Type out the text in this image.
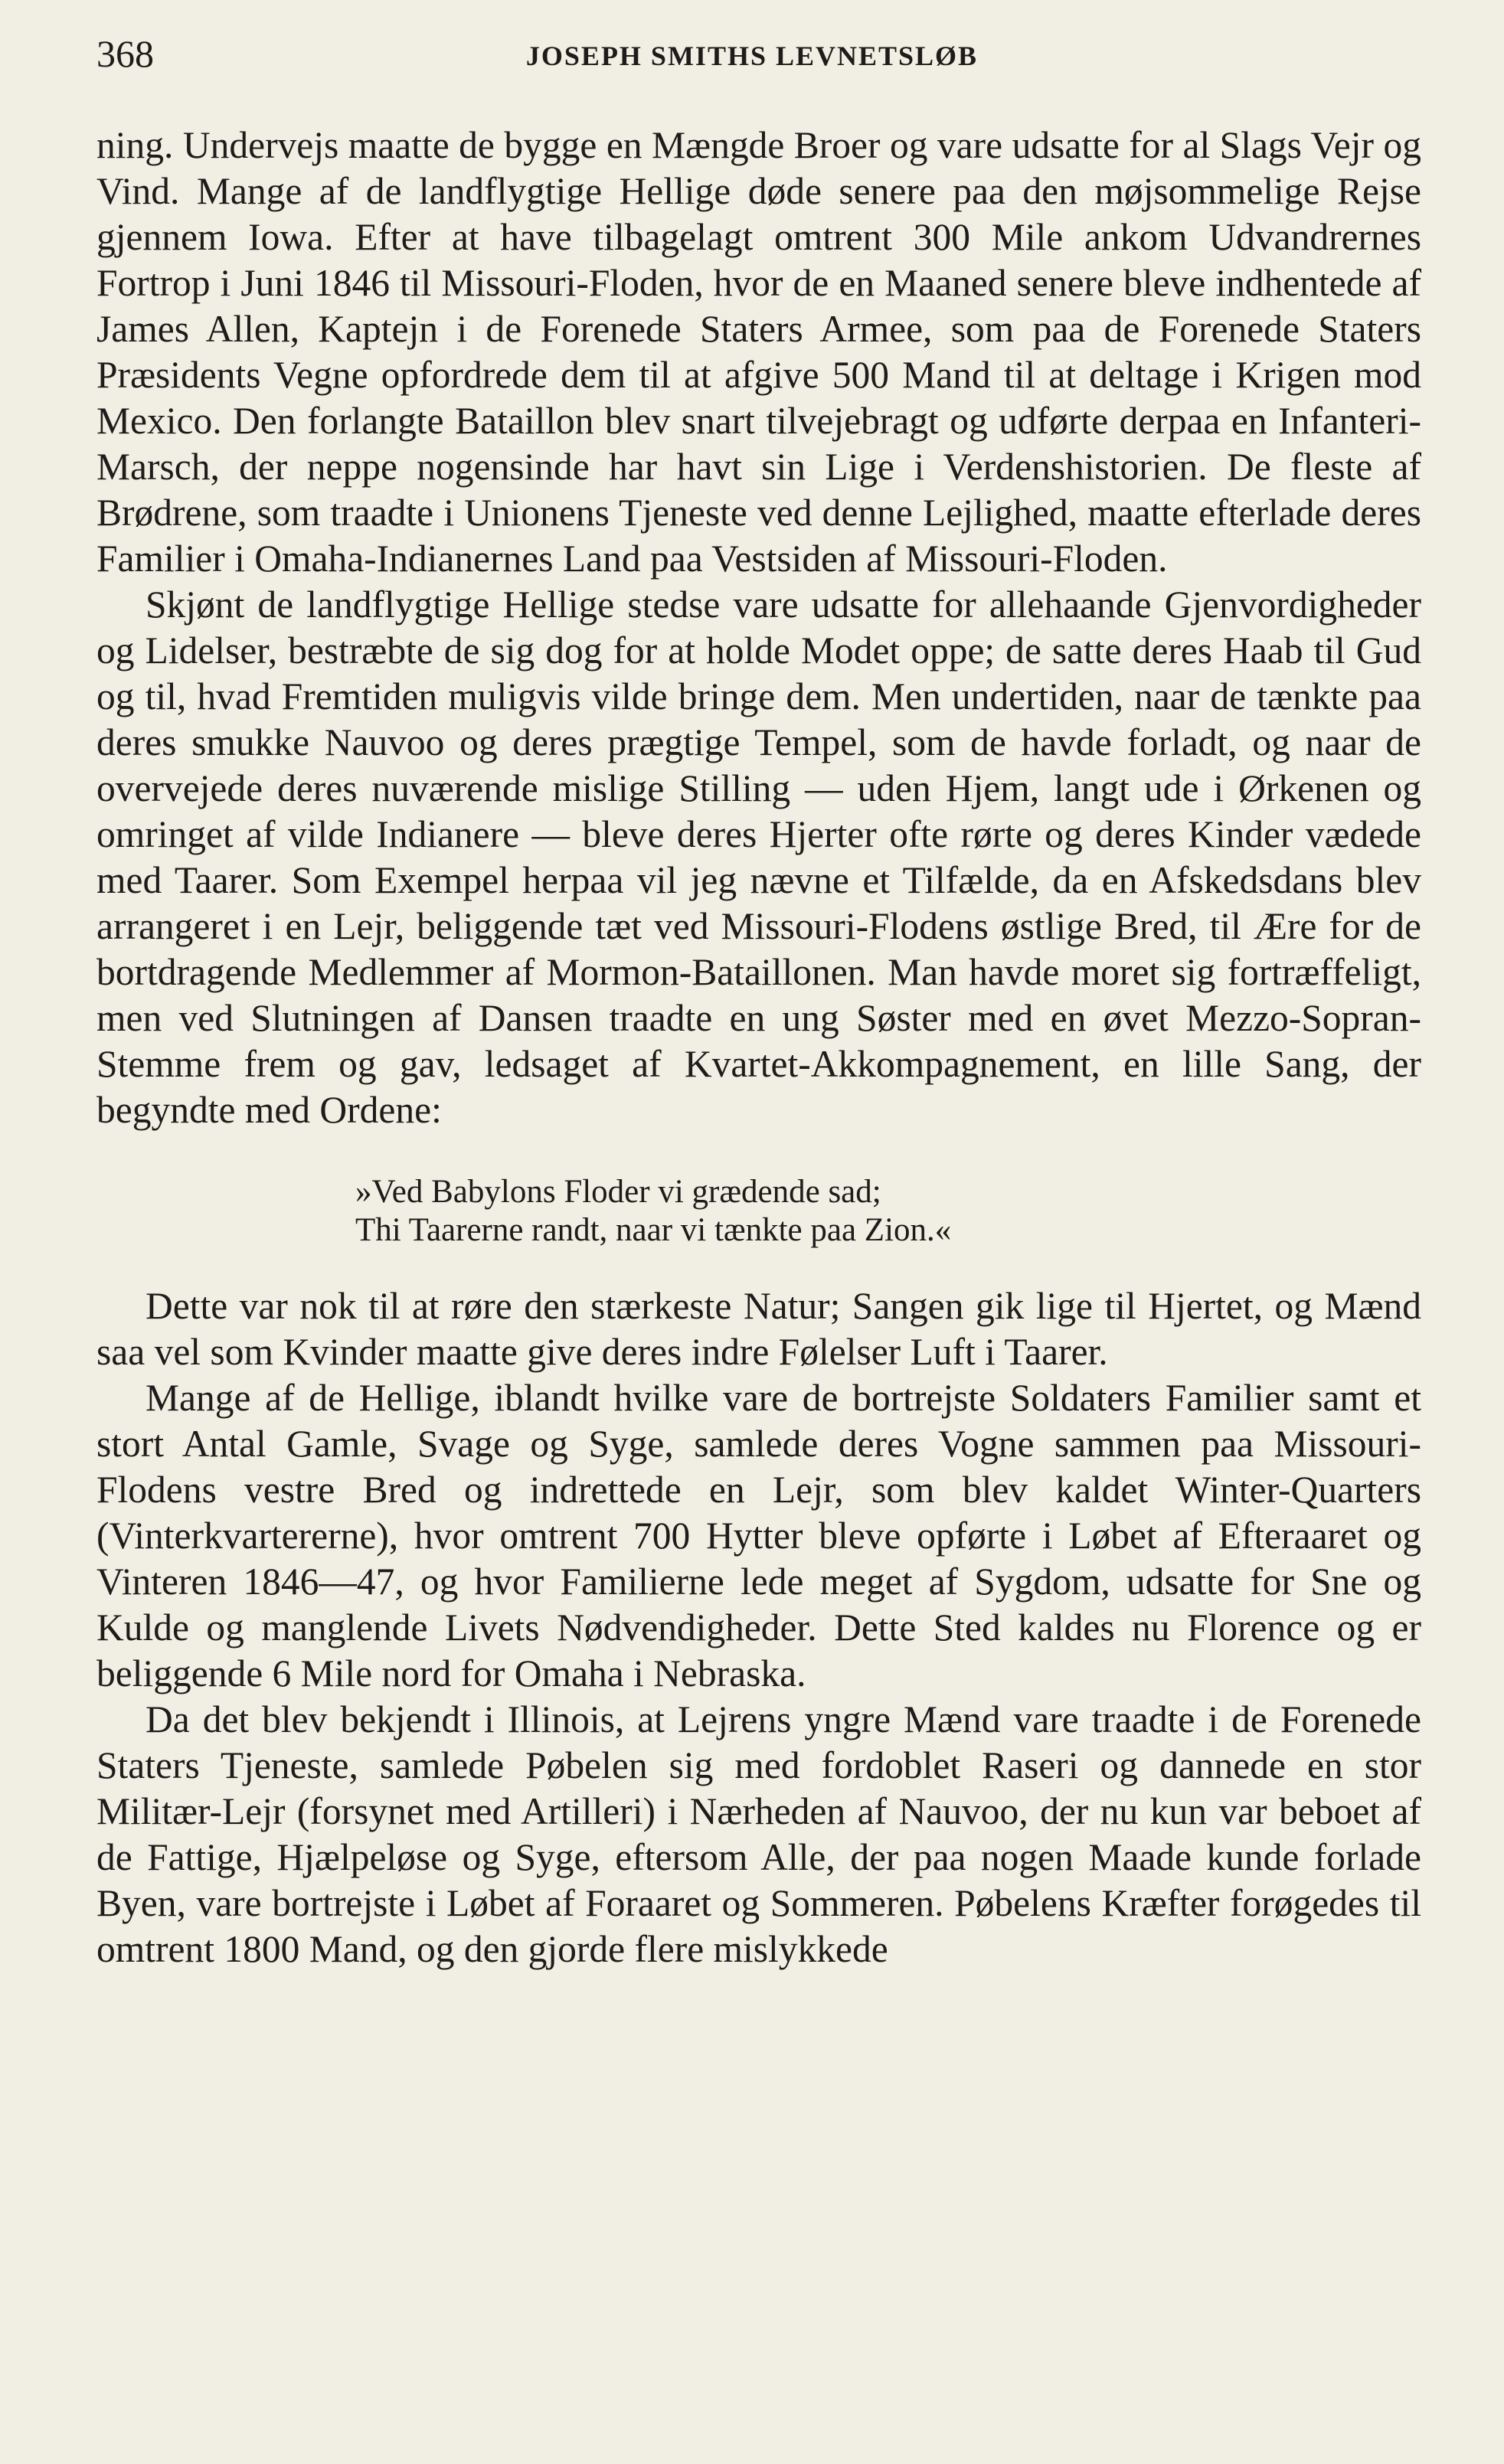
368	JOSEPH SMITHS LEVNETSLØB

ning. Undervejs maatte de bygge en Mængde Broer og vare udsatte for al Slags Vejr og Vind. Mange af de landflygtige Hellige døde senere paa den møjsommelige Rejse gjennem Iowa. Efter at have tilbagelagt omtrent 300 Mile ankom Udvandrernes Fortrop i Juni 1846 til Missouri-Floden, hvor de en Maaned senere bleve indhentede af James Allen, Kaptejn i de Forenede Staters Armee, som paa de Forenede Staters Præsidents Vegne opfordrede dem til at afgive 500 Mand til at deltage i Krigen mod Mexico. Den forlangte Bataillon blev snart tilvejebragt og udførte derpaa en Infanteri-Marsch, der neppe nogensinde har havt sin Lige i Verdenshistorien. De fleste af Brødrene, som traadte i Unionens Tjeneste ved denne Lejlighed, maatte efterlade deres Familier i Omaha-Indianernes Land paa Vestsiden af Missouri-Floden.

Skjønt de landflygtige Hellige stedse vare udsatte for allehaande Gjenvordigheder og Lidelser, bestræbte de sig dog for at holde Modet oppe; de satte deres Haab til Gud og til, hvad Fremtiden muligvis vilde bringe dem. Men undertiden, naar de tænkte paa deres smukke Nauvoo og deres prægtige Tempel, som de havde forladt, og naar de overvejede deres nuværende mislige Stilling — uden Hjem, langt ude i Ørkenen og omringet af vilde Indianere — bleve deres Hjerter ofte rørte og deres Kinder vædede med Taarer. Som Exempel herpaa vil jeg nævne et Tilfælde, da en Afskedsdans blev arrangeret i en Lejr, beliggende tæt ved Missouri-Flodens østlige Bred, til Ære for de bortdragende Medlemmer af Mormon-Bataillonen. Man havde moret sig fortræffeligt, men ved Slutningen af Dansen traadte en ung Søster med en øvet Mezzo-Sopran-Stemme frem og gav, ledsaget af Kvartet-Akkompagnement, en lille Sang, der begyndte med Ordene:

»Ved Babylons Floder vi grædende sad;
Thi Taarerne randt, naar vi tænkte paa Zion.«

Dette var nok til at røre den stærkeste Natur; Sangen gik lige til Hjertet, og Mænd saa vel som Kvinder maatte give deres indre Følelser Luft i Taarer.

Mange af de Hellige, iblandt hvilke vare de bortrejste Soldaters Familier samt et stort Antal Gamle, Svage og Syge, samlede deres Vogne sammen paa Missouri-Flodens vestre Bred og indrettede en Lejr, som blev kaldet Winter-Quarters (Vinterkvartererne), hvor omtrent 700 Hytter bleve opførte i Løbet af Efteraaret og Vinteren 1846—47, og hvor Familierne lede meget af Sygdom, udsatte for Sne og Kulde og manglende Livets Nødvendigheder. Dette Sted kaldes nu Florence og er beliggende 6 Mile nord for Omaha i Nebraska.

Da det blev bekjendt i Illinois, at Lejrens yngre Mænd vare traadte i de Forenede Staters Tjeneste, samlede Pøbelen sig med fordoblet Raseri og dannede en stor Militær-Lejr (forsynet med Artilleri) i Nærheden af Nauvoo, der nu kun var beboet af de Fattige, Hjælpeløse og Syge, eftersom Alle, der paa nogen Maade kunde forlade Byen, vare bortrejste i Løbet af Foraaret og Sommeren. Pøbelens Kræfter forøgedes til omtrent 1800 Mand, og den gjorde flere mislykkede
